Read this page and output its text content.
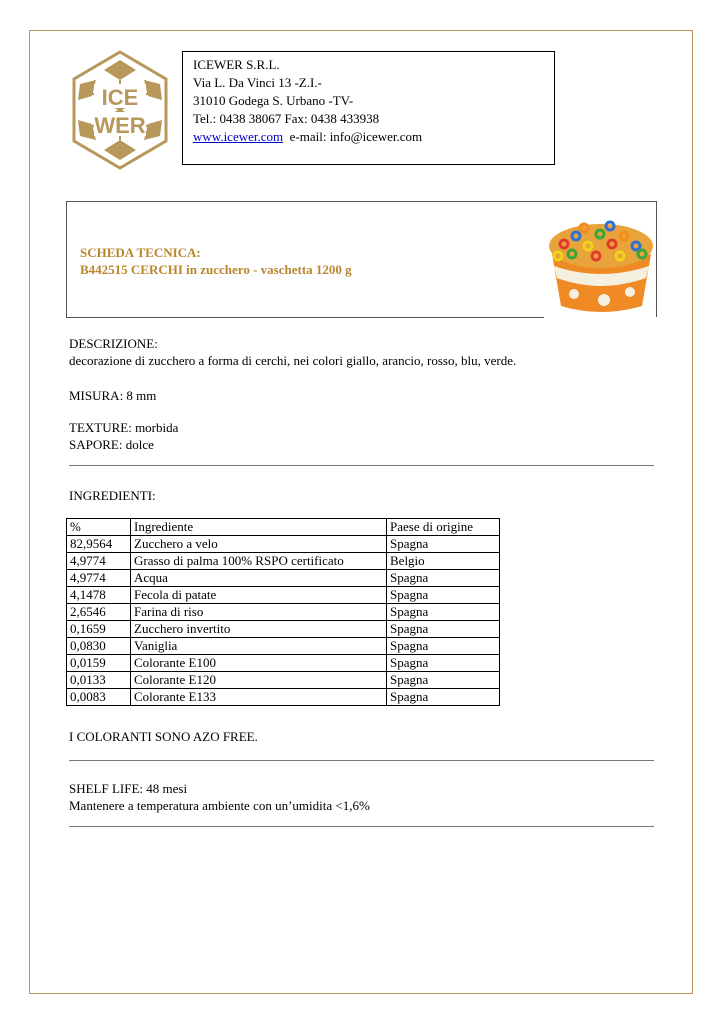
ICE
WER
ICEWER S.R.L.
Via L. Da Vinci 13 -Z.I.-
31010 Godega S. Urbano -TV-
Tel.: 0438 38067 Fax: 0438 433938
www.icewer.com e-mail: info@icewer.com
SCHEDA TECNICA:
B442515 CERCHI in zucchero - vaschetta 1200 g
DESCRIZIONE:
decorazione di zucchero a forma di cerchi, nei colori giallo, arancio, rosso, blu, verde.
MISURA: 8 mm
TEXTURE: morbida
SAPORE: dolce
INGREDIENTI:
%	Ingrediente	Paese di origine
82,9564	Zucchero a velo	Spagna
4,9774	Grasso di palma 100% RSPO certificato	Belgio
4,9774	Acqua	Spagna
4,1478	Fecola di patate	Spagna
2,6546	Farina di riso	Spagna
0,1659	Zucchero invertito	Spagna
0,0830	Vaniglia	Spagna
0,0159	Colorante E100	Spagna
0,0133	Colorante E120	Spagna
0,0083	Colorante E133	Spagna
I COLORANTI SONO AZO FREE.
SHELF LIFE: 48 mesi
Mantenere a temperatura ambiente con un’umidita <1,6%
